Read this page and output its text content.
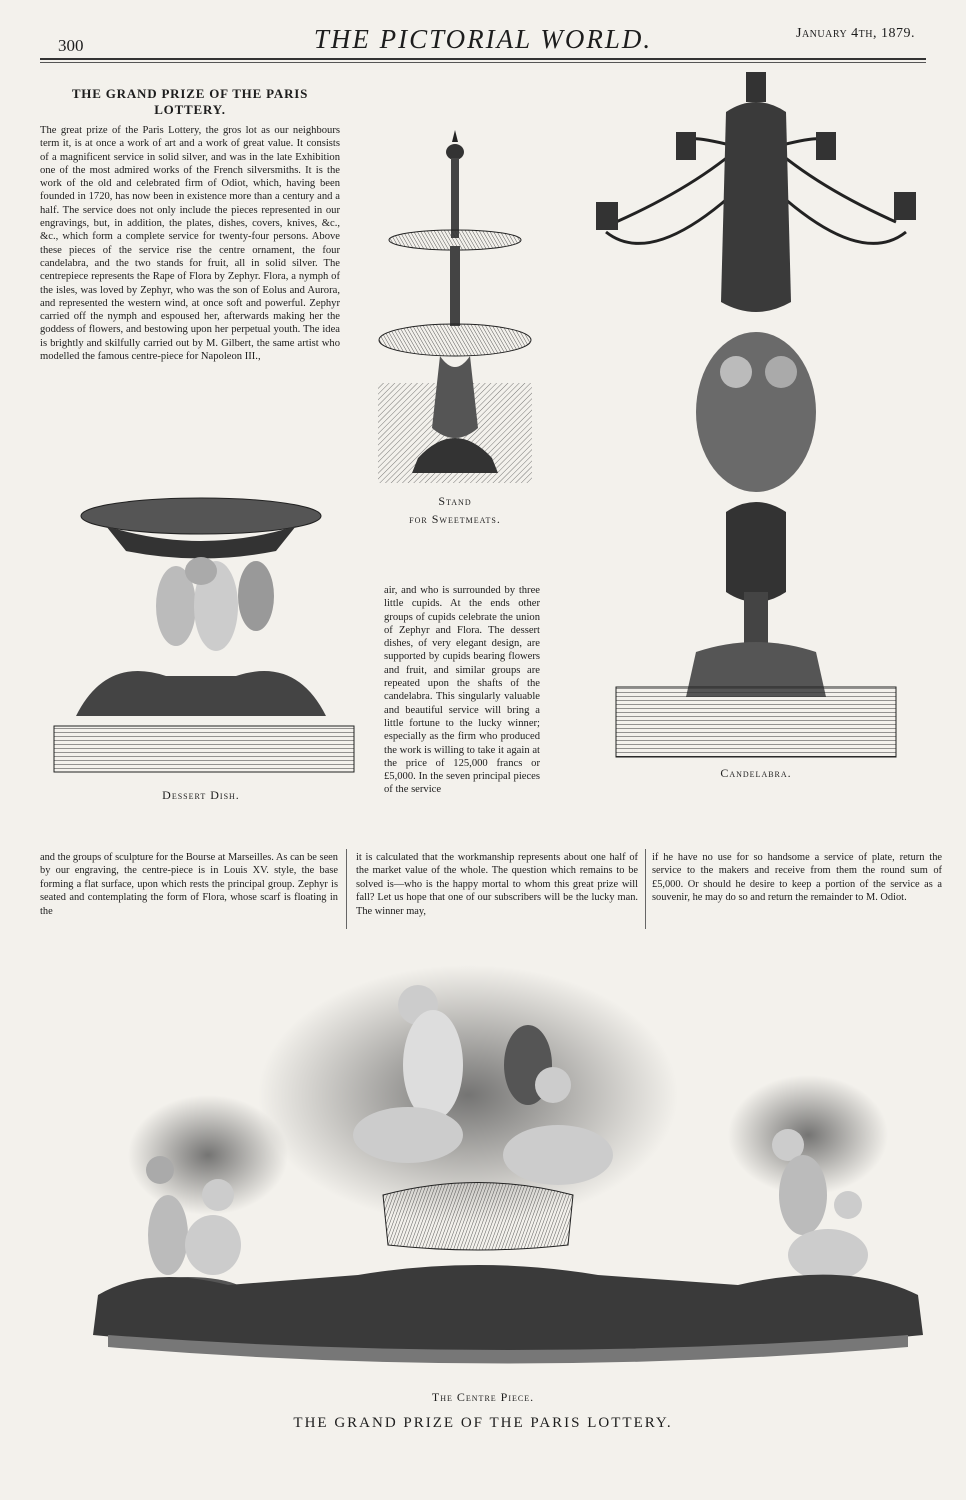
300	THE PICTORIAL WORLD.	January 4th, 1879.
THE GRAND PRIZE OF THE PARIS LOTTERY.
The great prize of the Paris Lottery, the gros lot as our neighbours term it, is at once a work of art and a work of great value. It consists of a magnificent service in solid silver, and was in the late Exhibition one of the most admired works of the French silversmiths. It is the work of the old and celebrated firm of Odiot, which, having been founded in 1720, has now been in existence more than a century and a half. The service does not only include the pieces represented in our engravings, but, in addition, the plates, dishes, covers, knives, &c., &c., which form a complete service for twenty-four persons. Above these pieces of the service rise the centre ornament, the four candelabra, and the two stands for fruit, all in solid silver. The centrepiece represents the Rape of Flora by Zephyr. Flora, a nymph of the isles, was loved by Zephyr, who was the son of Eolus and Aurora, and represented the western wind, at once soft and powerful. Zephyr carried off the nymph and espoused her, afterwards making her the goddess of flowers, and bestowing upon her perpetual youth. The idea is brightly and skilfully carried out by M. Gilbert, the same artist who modelled the famous centre-piece for Napoleon III.,
Stand
for Sweetmeats.
Candelabra.
Dessert Dish.
air, and who is surrounded by three little cupids. At the ends other groups of cupids celebrate the union of Zephyr and Flora. The dessert dishes, of very elegant design, are supported by cupids bearing flowers and fruit, and similar groups are repeated upon the shafts of the candelabra. This singularly valuable and beautiful service will bring a little fortune to the lucky winner; especially as the firm who produced the work is willing to take it again at the price of 125,000 francs or £5,000. In the seven principal pieces of the service
and the groups of sculpture for the Bourse at Marseilles. As can be seen by our engraving, the centre-piece is in Louis XV. style, the base forming a flat surface, upon which rests the principal group. Zephyr is seated and contemplating the form of Flora, whose scarf is floating in the
it is calculated that the workmanship represents about one half of the market value of the whole. The question which remains to be solved is—who is the happy mortal to whom this great prize will fall? Let us hope that one of our subscribers will be the lucky man. The winner may,
if he have no use for so handsome a service of plate, return the service to the makers and receive from them the round sum of £5,000. Or should he desire to keep a portion of the service as a souvenir, he may do so and return the remainder to M. Odiot.
The Centre Piece.
THE GRAND PRIZE OF THE PARIS LOTTERY.
